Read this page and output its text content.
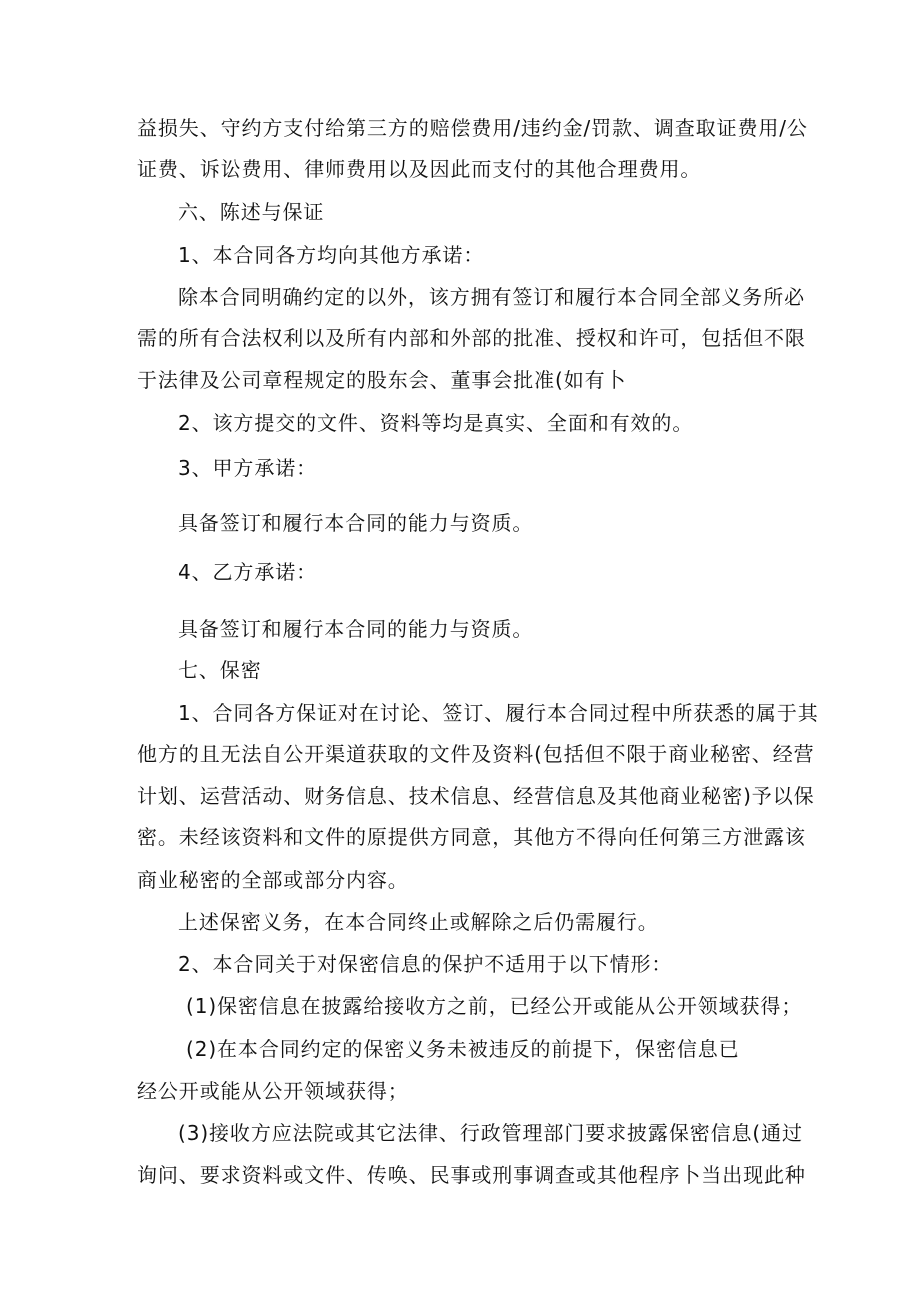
益损失、守约方支付给第三方的赔偿费用/违约金/罚款、调查取证费用/公
证费、诉讼费用、律师费用以及因此而支付的其他合理费用。
六、陈述与保证
1、本合同各方均向其他方承诺：
除本合同明确约定的以外，该方拥有签订和履行本合同全部义务所必
需的所有合法权利以及所有内部和外部的批准、授权和许可，包括但不限
于法律及公司章程规定的股东会、董事会批准(如有卜
2、该方提交的文件、资料等均是真实、全面和有效的。
3、甲方承诺：
具备签订和履行本合同的能力与资质。
4、乙方承诺：
具备签订和履行本合同的能力与资质。
七、保密
1、合同各方保证对在讨论、签订、履行本合同过程中所获悉的属于其
他方的且无法自公开渠道获取的文件及资料(包括但不限于商业秘密、经营
计划、运营活动、财务信息、技术信息、经营信息及其他商业秘密)予以保
密。未经该资料和文件的原提供方同意，其他方不得向任何第三方泄露该
商业秘密的全部或部分内容。
上述保密义务，在本合同终止或解除之后仍需履行。
2、本合同关于对保密信息的保护不适用于以下情形：
(1)保密信息在披露给接收方之前，已经公开或能从公开领域获得；
(2)在本合同约定的保密义务未被违反的前提下，保密信息已
经公开或能从公开领域获得；
(3)接收方应法院或其它法律、行政管理部门要求披露保密信息(通过
询问、要求资料或文件、传唤、民事或刑事调查或其他程序卜当出现此种
